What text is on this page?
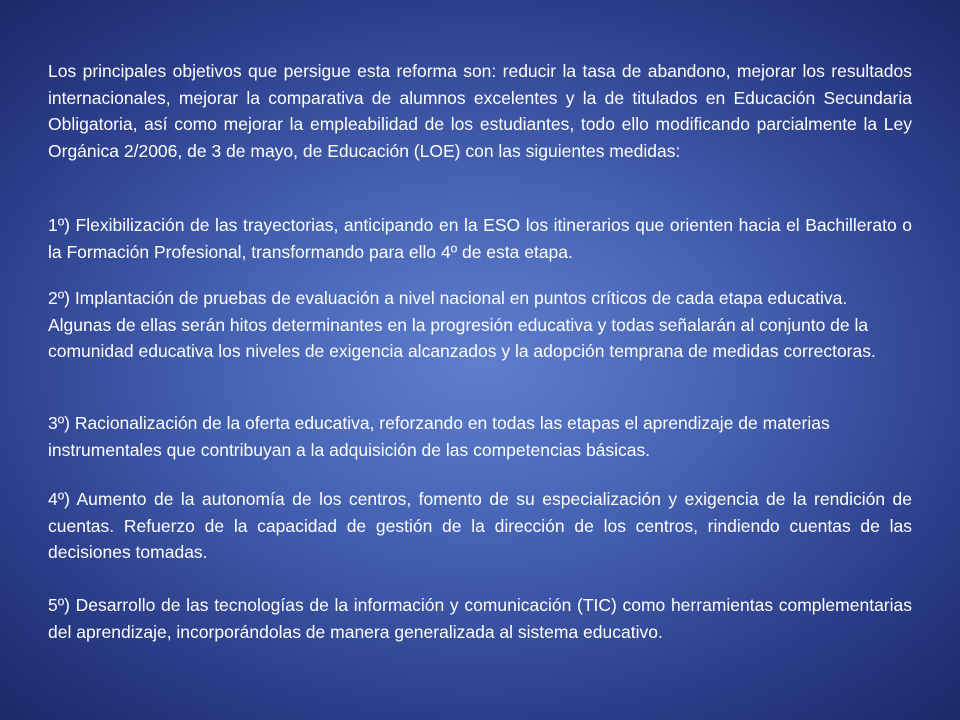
Los principales objetivos que persigue esta reforma son: reducir la tasa de abandono, mejorar los resultados internacionales, mejorar la comparativa de alumnos excelentes y la de titulados en Educación Secundaria Obligatoria, así como mejorar la empleabilidad de los estudiantes, todo ello modificando parcialmente la Ley Orgánica 2/2006, de 3 de mayo, de Educación (LOE) con las siguientes medidas:

1º) Flexibilización de las trayectorias, anticipando en la ESO los itinerarios que orienten hacia el Bachillerato o la Formación Profesional, transformando para ello 4º de esta etapa.

2º) Implantación de pruebas de evaluación a nivel nacional en puntos críticos de cada etapa educativa. Algunas de ellas serán hitos determinantes en la progresión educativa y todas señalarán al conjunto de la comunidad educativa los niveles de exigencia alcanzados y la adopción temprana de medidas correctoras.

3º) Racionalización de la oferta educativa, reforzando en todas las etapas el aprendizaje de materias instrumentales que contribuyan a la adquisición de las competencias básicas.

4º) Aumento de la autonomía de los centros, fomento de su especialización y exigencia de la rendición de cuentas. Refuerzo de la capacidad de gestión de la dirección de los centros, rindiendo cuentas de las decisiones tomadas.

5º) Desarrollo de las tecnologías de la información y comunicación (TIC) como herramientas complementarias del aprendizaje, incorporándolas de manera generalizada al sistema educativo.
